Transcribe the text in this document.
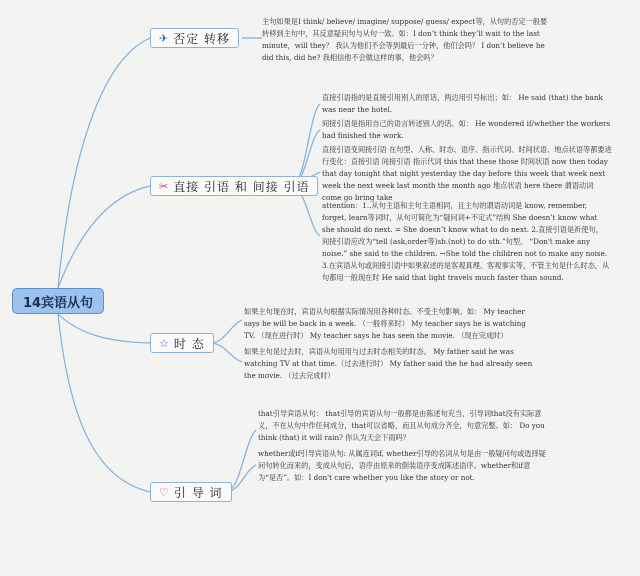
14宾语从句
✈ 否定 转移
主句如果是I think/ believe/ imagine/ suppose/ guess/ expect等，从句的否定一般要转移到主句中，其反意疑问句与从句一致。如：I don’t think they’ll wait to the last minute，will they？ 我认为他们不会等到最后一分钟，他们会吗？ I don’t believe he did this, did he? 我相信他不会做这样的事，他会吗？
✂ 直接 引语 和 间接 引语
直接引语指的是直接引用别人的原话，两边用引号标出；如： He said (that) the bank was near the hotel.
间接引语是指用自己的语言转述别人的话。如： He wondered if/whether the workers had finished the work.
直接引语变间接引语 在句型、人称、时态、语序、指示代词、时间状语、地点状语等都要进行变化：直接引语 间接引语 指示代词 this that these those 时间状语 now then today that day tonight that night yesterday the day before this week that week next week the next week last month the month ago 地点状语 here there 谓语动词 come go bring take
attention：1..从句主语和主句主语相同，且主句的谓语动词是 know, remember, forget, learn等词时，从句可简化为“疑问词+不定式”结构 She doesn’t know what she should do next. = She doesn’t know what to do next. 2.直接引语是祈使句， 间接引语应改为“tell (ask,order等)sb.(not) to do sth.”句型。 “Don't make any noise.” she said to the children. →She told the children not to make any noise. 3.在宾语从句或间接引语中如果叙述的是客观真理、客观事实等，不管主句是什么时态，从句都用一般现在时 He said that light travels much faster than sound.
☆ 时 态
如果主句现在时，宾语从句根据实际情况用各种时态。不受主句影响。如： My teacher says he will be back in a week. （一般将来时） My teacher says he is watching TV. （现在进行时） My teacher says he has seen the movie. （现在完成时）
如果主句是过去时，宾语从句用用与过去时态相关的时态。 My father said he was watching TV at that time.（过去进行时） My father said the he had already seen the movie. （过去完成时）
♡ 引 导 词
that引导宾语从句： that引导的宾语从句一般都是由陈述句充当，引导词that没有实际意义，不在从句中作任何成分，that可以省略，而且从句成分齐全，句意完整。如： Do you think (that) it will rain? 你认为天会下雨吗？
whether或if引导宾语从句: 从属连词if, whether引导的名词从句是由一般疑问句或选择疑问句转化而来的，变成从句后，语序由原来的倒装语序变成陈述语序。whether和if意为“是否”。如：I don't care whether you like the story or not.
